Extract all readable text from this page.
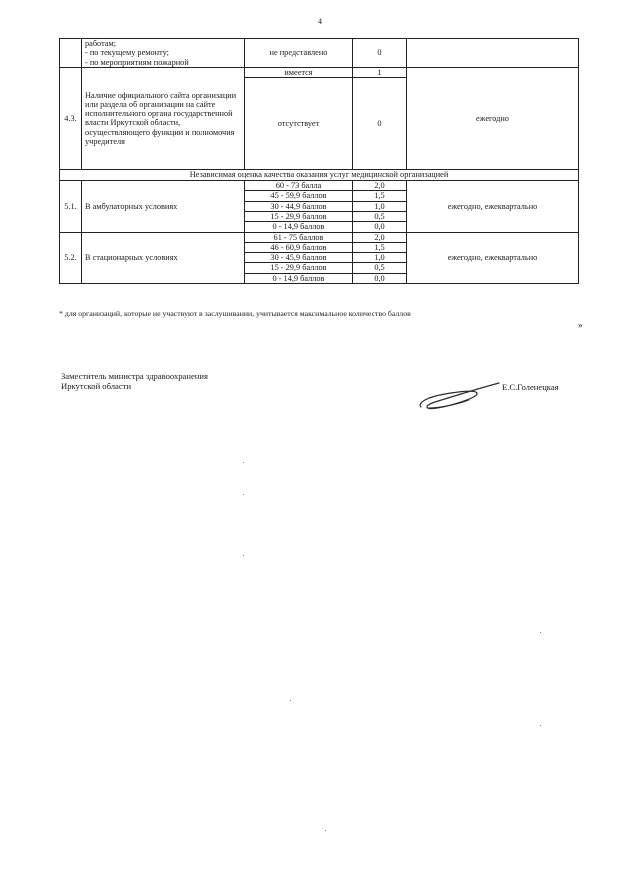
4

	работам;
- по текущему ремонту;
- по мероприятиям пожарной	не представлено	0	
4.3.	Наличие официального сайта организации или раздела об организации на сайте исполнительного органа государственной власти Иркутской области, осуществляющего функции и полномочия учредителя	имеется	1	ежегодно
		отсутствует	0	
Независимая оценка качества оказания услуг медицинской организацией				
5.1.	В амбулаторных условиях	60 - 73 балла	2,0	ежегодно, ежеквартально
		45 - 59,9 баллов	1,5	
		30 - 44,9 баллов	1,0	
		15 - 29,9 баллов	0,5	
		0 - 14,9 баллов	0,0	
5.2.	В стационарных условиях	61 - 75 баллов	2,0	ежегодно, ежеквартально
		46 - 60,9 баллов	1,5	
		30 - 45,9 баллов	1,0	
		15 - 29,9 баллов	0,5	
		0 - 14,9 баллов	0,0	
* для организаций, которые не участвуют в заслушивании, учитывается максимальное количество баллов
»
Заместитель министра здравоохранения
Иркутской области	Е.С.Голенецкая
